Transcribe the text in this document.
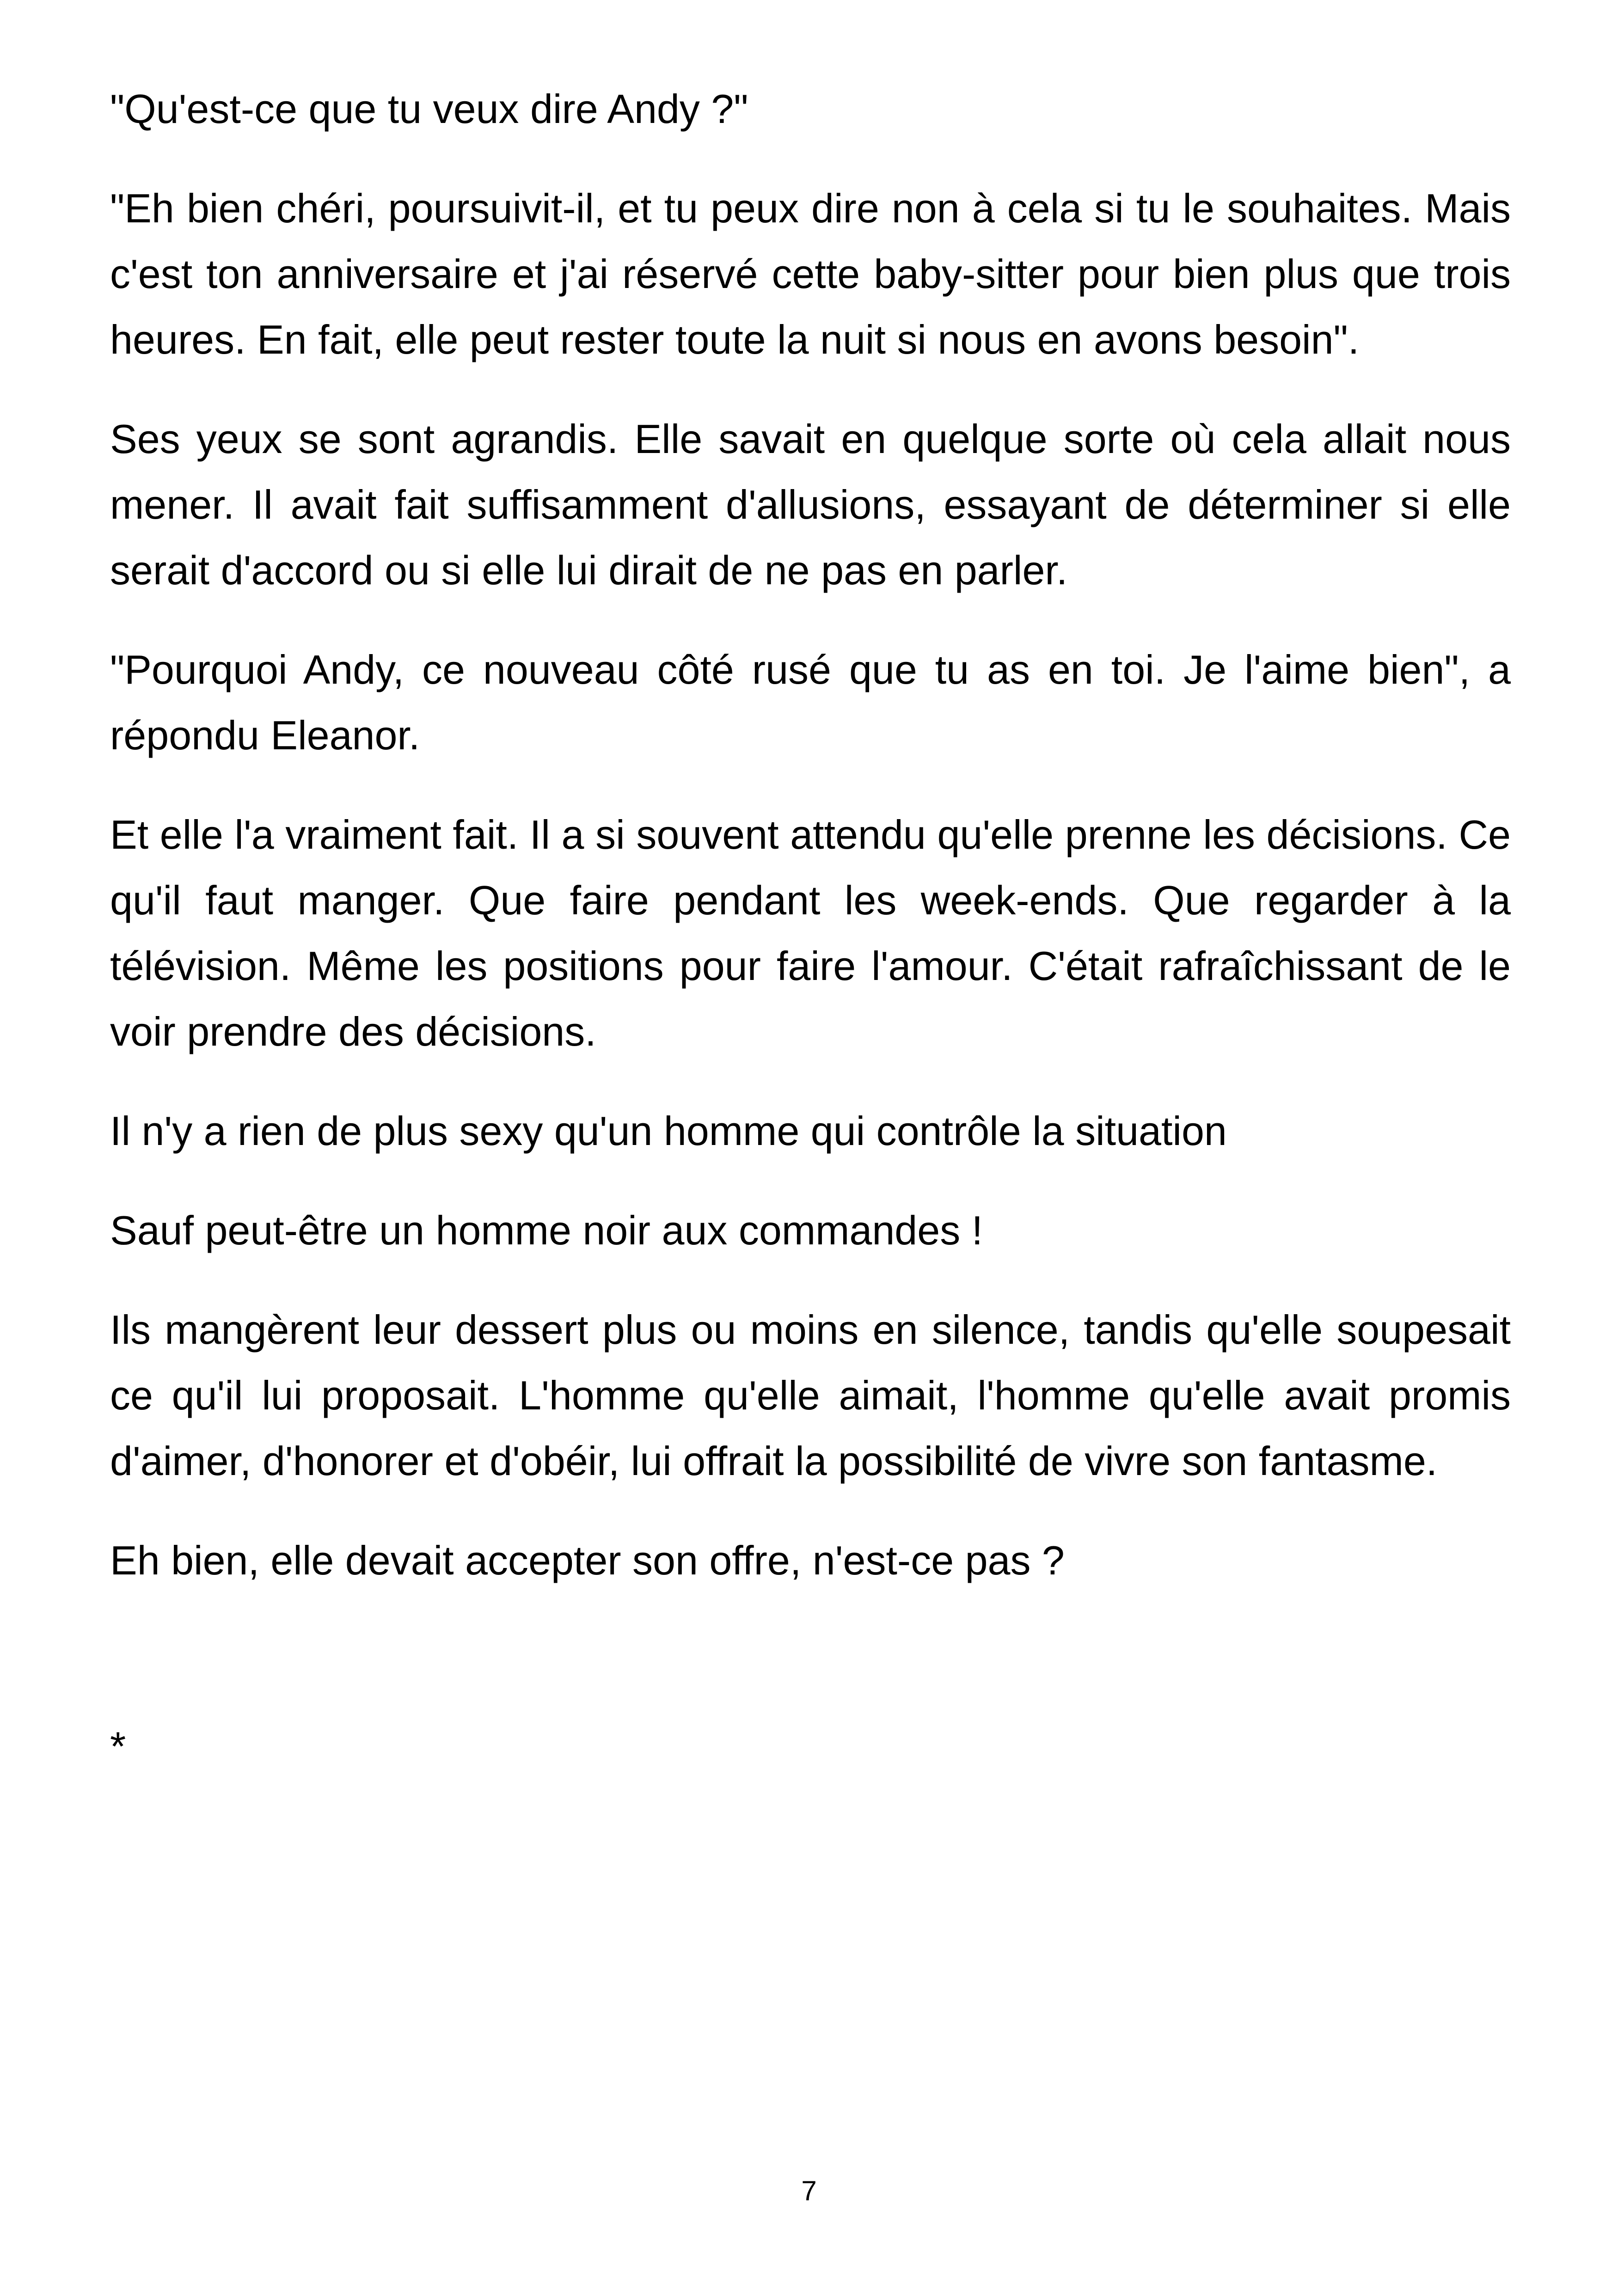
"Qu'est-ce que tu veux dire Andy ?"

"Eh bien chéri, poursuivit-il, et tu peux dire non à cela si tu le souhaites. Mais c'est ton anniversaire et j'ai réservé cette baby-sitter pour bien plus que trois heures. En fait, elle peut rester toute la nuit si nous en avons besoin".

Ses yeux se sont agrandis. Elle savait en quelque sorte où cela allait nous mener. Il avait fait suffisamment d'allusions, essayant de déterminer si elle serait d'accord ou si elle lui dirait de ne pas en parler.

"Pourquoi Andy, ce nouveau côté rusé que tu as en toi. Je l'aime bien", a répondu Eleanor.

Et elle l'a vraiment fait. Il a si souvent attendu qu'elle prenne les décisions. Ce qu'il faut manger. Que faire pendant les week-ends. Que regarder à la télévision. Même les positions pour faire l'amour. C'était rafraîchissant de le voir prendre des décisions.

Il n'y a rien de plus sexy qu'un homme qui contrôle la situation

Sauf peut-être un homme noir aux commandes !

Ils mangèrent leur dessert plus ou moins en silence, tandis qu'elle soupesait ce qu'il lui proposait. L'homme qu'elle aimait, l'homme qu'elle avait promis d'aimer, d'honorer et d'obéir, lui offrait la possibilité de vivre son fantasme.

Eh bien, elle devait accepter son offre, n'est-ce pas ?

*
7
